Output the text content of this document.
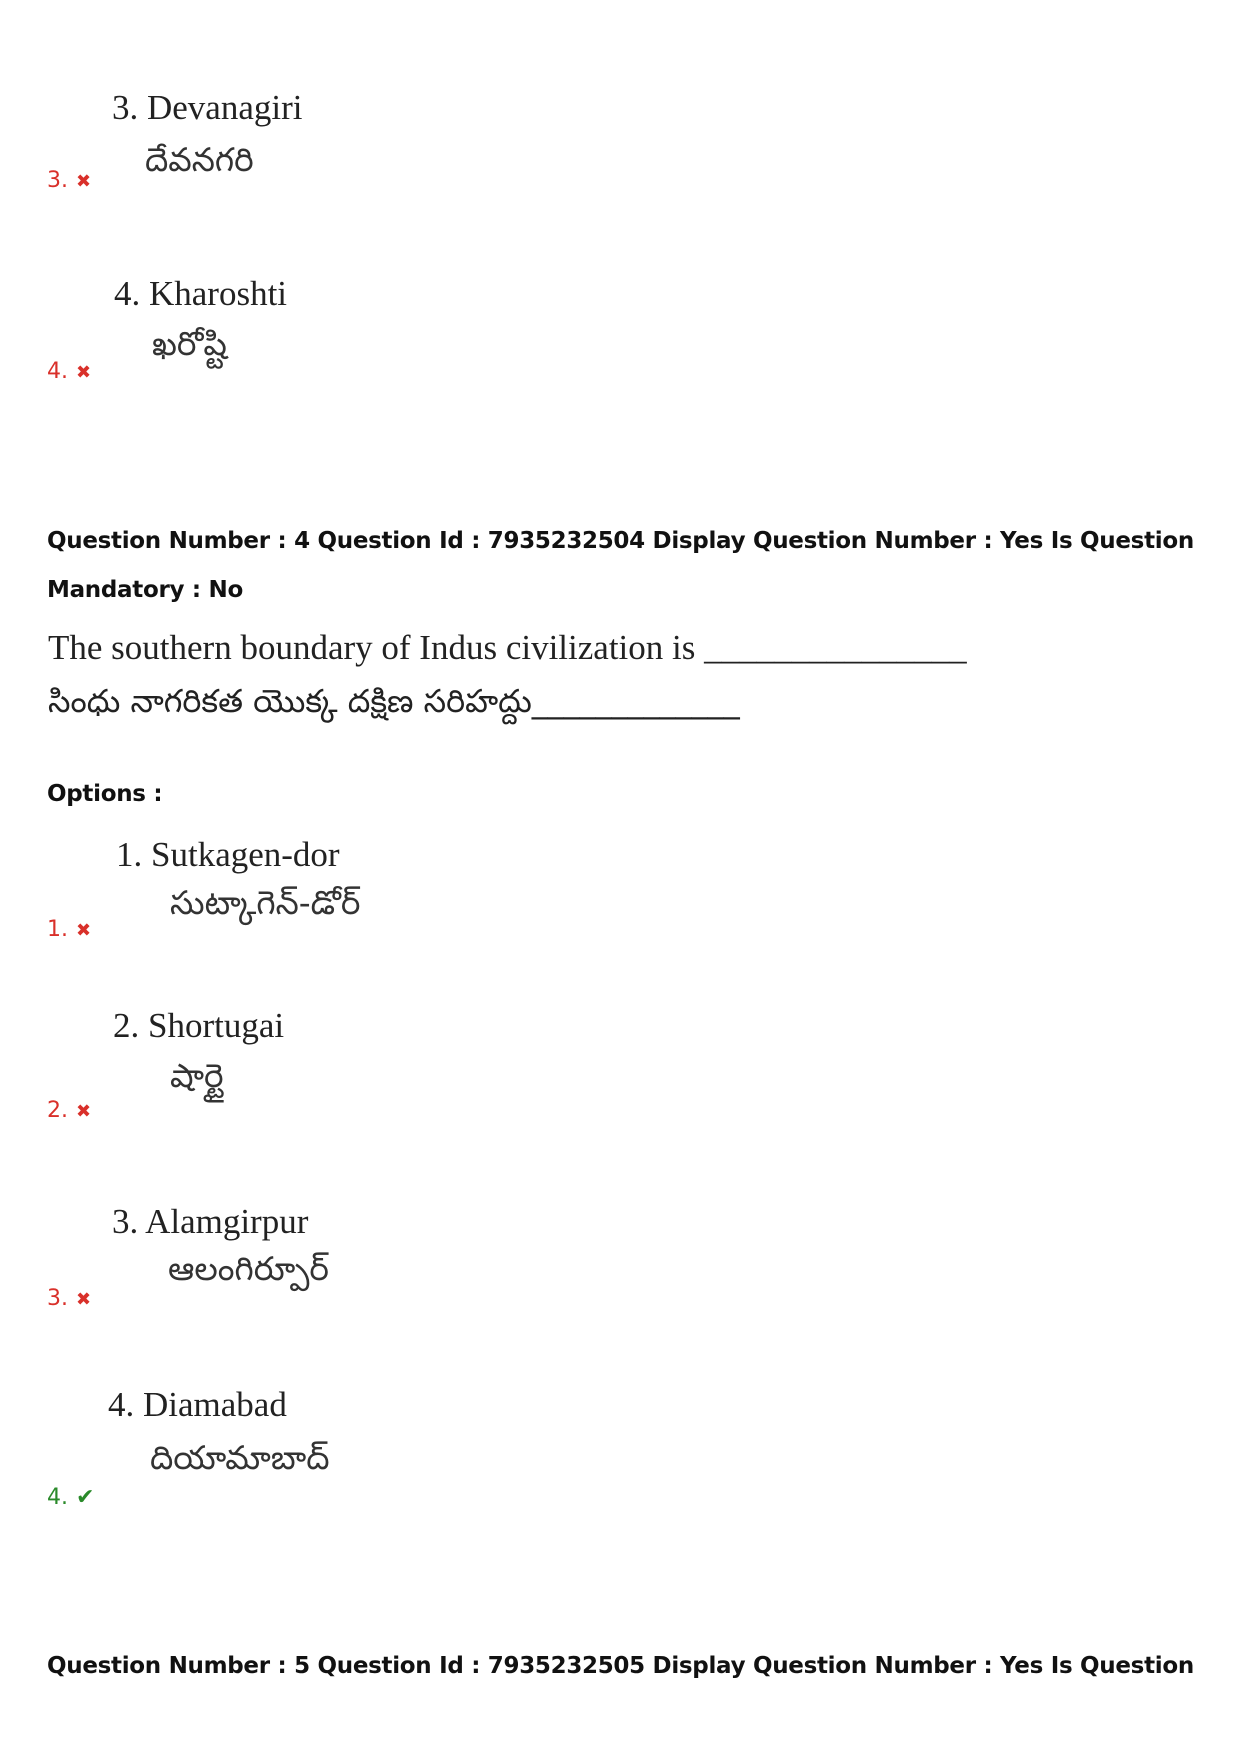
3. Devanagiri
దేవనగరి
3. ✖
4. Kharoshti
ఖరోష్టి
4. ✖
Question Number : 4 Question Id : 7935232504 Display Question Number : Yes Is Question
Mandatory : No
The southern boundary of Indus civilization is _______________
సింధు నాగరికత యొక్క దక్షిణ సరిహద్దు_____________
Options :
1. Sutkagen-dor
సుట్కాగెన్-డోర్
1. ✖
2. Shortugai
షార్టై
2. ✖
3. Alamgirpur
ఆలంగిర్పూర్
3. ✖
4. Diamabad
దియామాబాద్
4. ✔
Question Number : 5 Question Id : 7935232505 Display Question Number : Yes Is Question
